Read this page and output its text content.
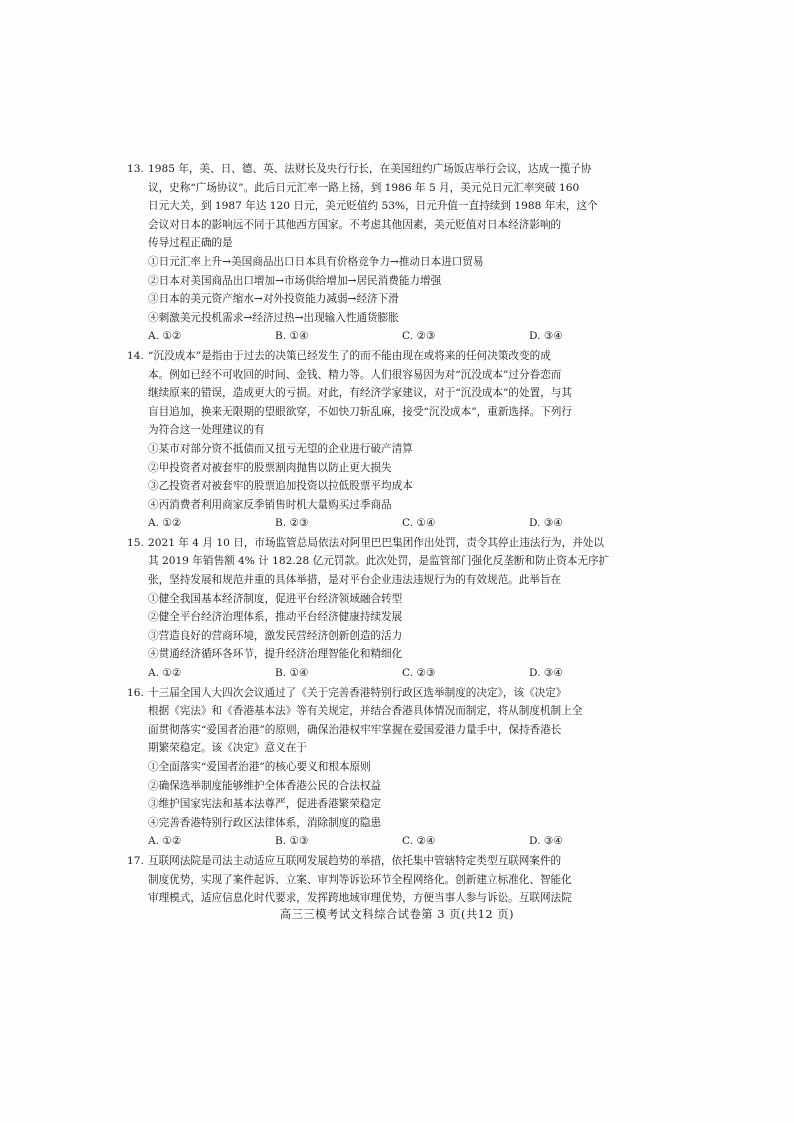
13. 1985 年，美、日、德、英、法财长及央行行长，在美国纽约广场饭店举行会议，达成一揽子协
议，史称“广场协议”。此后日元汇率一路上扬，到 1986 年 5 月，美元兑日元汇率突破 160
日元大关，到 1987 年达 120 日元，美元贬值约 53%，日元升值一直持续到 1988 年末，这个
会议对日本的影响远不同于其他西方国家。不考虑其他因素，美元贬值对日本经济影响的
传导过程正确的是
①日元汇率上升→美国商品出口日本具有价格竞争力→推动日本进口贸易
②日本对美国商品出口增加→市场供给增加→居民消费能力增强
③日本的美元资产缩水→对外投资能力减弱→经济下滑
④刺激美元投机需求→经济过热→出现输入性通货膨胀
A. ①②	B. ①④	C. ②③	D. ③④
14. “沉没成本”是指由于过去的决策已经发生了的而不能由现在或将来的任何决策改变的成
本。例如已经不可收回的时间、金钱、精力等。人们很容易因为对“沉没成本”过分眷恋而
继续原来的错误，造成更大的亏损。对此，有经济学家建议，对于“沉没成本”的处置，与其
盲目追加，换来无限期的望眼欲穿，不如快刀斩乱麻，接受“沉没成本”，重新选择。下列行
为符合这一处理建议的有
①某市对部分资不抵债而又扭亏无望的企业进行破产清算
②甲投资者对被套牢的股票割肉抛售以防止更大损失
③乙投资者对被套牢的股票追加投资以拉低股票平均成本
④丙消费者利用商家反季销售时机大量购买过季商品
A. ①②	B. ②③	C. ①④	D. ③④
15. 2021 年 4 月 10 日，市场监管总局依法对阿里巴巴集团作出处罚，责令其停止违法行为，并处以
其 2019 年销售额 4% 计 182.28 亿元罚款。此次处罚，是监管部门强化反垄断和防止资本无序扩
张，坚持发展和规范并重的具体举措，是对平台企业违法违规行为的有效规范。此举旨在
①健全我国基本经济制度，促进平台经济领域融合转型
②健全平台经济治理体系，推动平台经济健康持续发展
③营造良好的营商环境，激发民营经济创新创造的活力
④贯通经济循环各环节，提升经济治理智能化和精细化
A. ①②	B. ①④	C. ②③	D. ③④
16. 十三届全国人大四次会议通过了《关于完善香港特别行政区选举制度的决定》，该《决定》
根据《宪法》和《香港基本法》等有关规定，并结合香港具体情况而制定，将从制度机制上全
面贯彻落实“爱国者治港”的原则，确保治港权牢牢掌握在爱国爱港力量手中，保持香港长
期繁荣稳定。该《决定》意义在于
①全面落实“爱国者治港”的核心要义和根本原则
②确保选举制度能够维护全体香港公民的合法权益
③维护国家宪法和基本法尊严，促进香港繁荣稳定
④完善香港特别行政区法律体系，消除制度的隐患
A. ①②	B. ①③	C. ②④	D. ③④
17. 互联网法院是司法主动适应互联网发展趋势的举措，依托集中管辖特定类型互联网案件的
制度优势，实现了案件起诉、立案、审判等诉讼环节全程网络化。创新建立标准化、智能化
审理模式，适应信息化时代要求，发挥跨地域审理优势，方便当事人参与诉讼。互联网法院
高三三模考试文科综合试卷第 3 页(共12 页)
